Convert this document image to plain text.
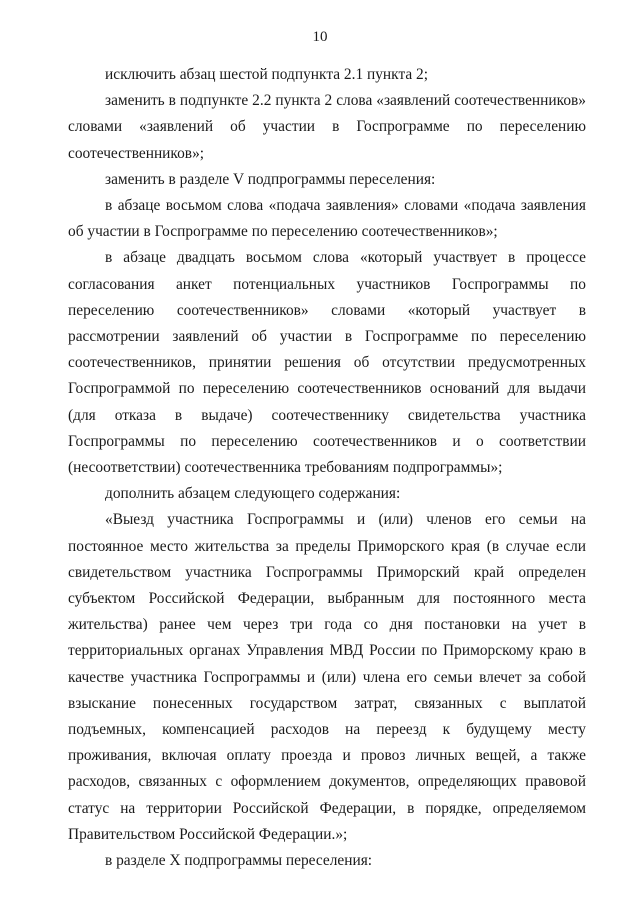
10

исключить абзац шестой подпункта 2.1 пункта 2;

заменить в подпункте 2.2 пункта 2 слова «заявлений соотечественников» словами «заявлений об участии в Госпрограмме по переселению соотечественников»;

заменить в разделе V подпрограммы переселения:

в абзаце восьмом слова «подача заявления» словами «подача заявления об участии в Госпрограмме по переселению соотечественников»;

в абзаце двадцать восьмом слова «который участвует в процессе согласования анкет потенциальных участников Госпрограммы по переселению соотечественников» словами «который участвует в рассмотрении заявлений об участии в Госпрограмме по переселению соотечественников, принятии решения об отсутствии предусмотренных Госпрограммой по переселению соотечественников оснований для выдачи (для отказа в выдаче) соотечественнику свидетельства участника Госпрограммы по переселению соотечественников и о соответствии (несоответствии) соотечественника требованиям подпрограммы»;

дополнить абзацем следующего содержания:

«Выезд участника Госпрограммы и (или) членов его семьи на постоянное место жительства за пределы Приморского края (в случае если свидетельством участника Госпрограммы Приморский край определен субъектом Российской Федерации, выбранным для постоянного места жительства) ранее чем через три года со дня постановки на учет в территориальных органах Управления МВД России по Приморскому краю в качестве участника Госпрограммы и (или) члена его семьи влечет за собой взыскание понесенных государством затрат, связанных с выплатой подъемных, компенсацией расходов на переезд к будущему месту проживания, включая оплату проезда и провоз личных вещей, а также расходов, связанных с оформлением документов, определяющих правовой статус на территории Российской Федерации, в порядке, определяемом Правительством Российской Федерации.»;

в разделе X подпрограммы переселения:
